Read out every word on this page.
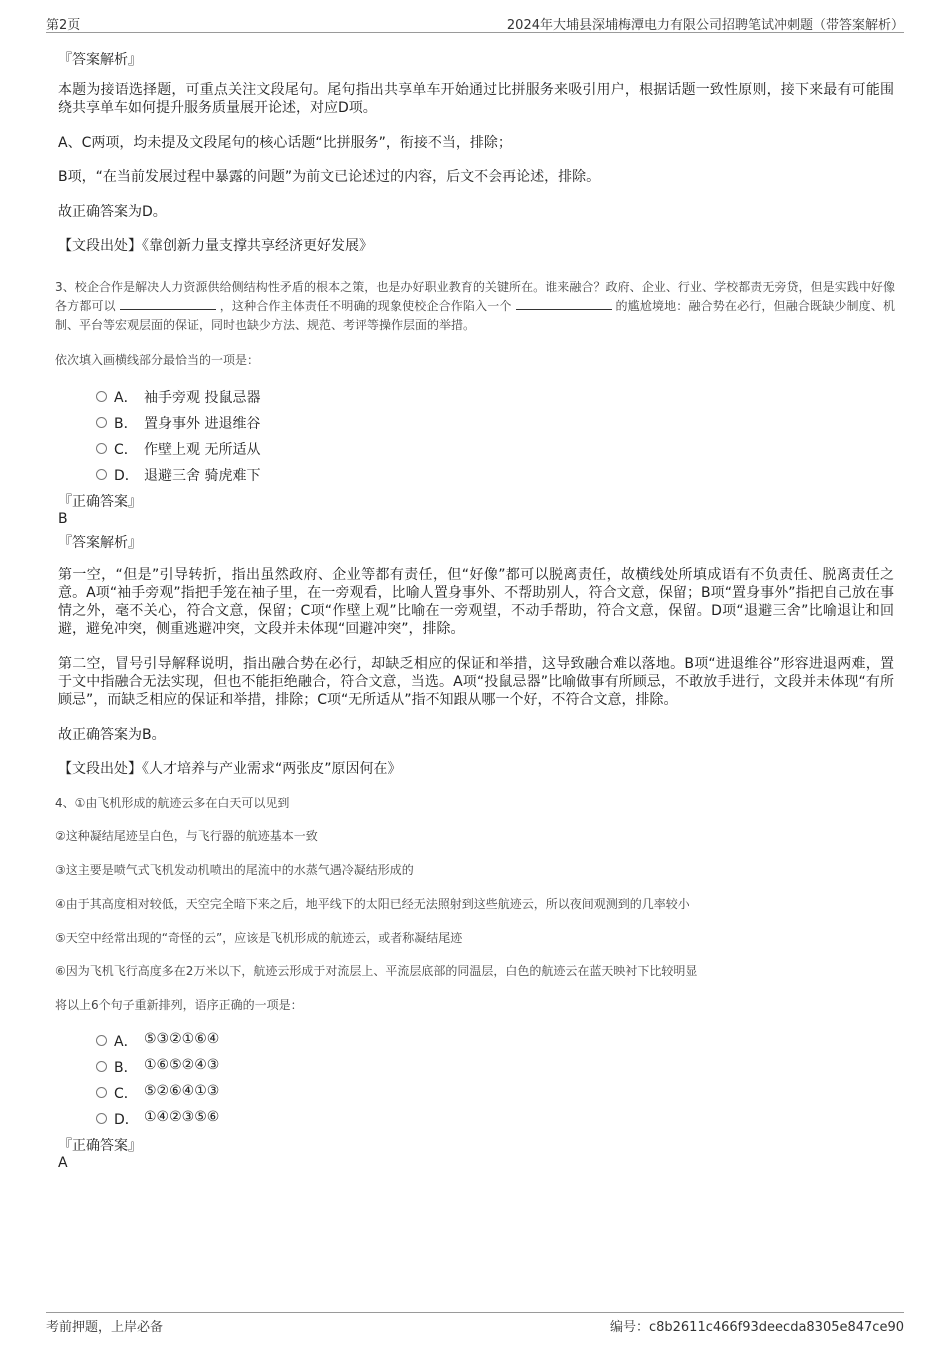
第2页	2024年大埔县深埔梅潭电力有限公司招聘笔试冲刺题（带答案解析）
『答案解析』
本题为接语选择题，可重点关注文段尾句。尾句指出共享单车开始通过比拼服务来吸引用户，根据话题一致性原则，接下来最有可能围绕共享单车如何提升服务质量展开论述，对应D项。
A、C两项，均未提及文段尾句的核心话题“比拼服务”，衔接不当，排除；
B项，“在当前发展过程中暴露的问题”为前文已论述过的内容，后文不会再论述，排除。
故正确答案为D。
【文段出处】《靠创新力量支撑共享经济更好发展》
3、校企合作是解决人力资源供给侧结构性矛盾的根本之策，也是办好职业教育的关键所在。谁来融合？政府、企业、行业、学校都责无旁贷，但是实践中好像各方都可以	，这种合作主体责任不明确的现象使校企合作陷入一个	的尴尬境地：融合势在必行，但融合既缺少制度、机制、平台等宏观层面的保证，同时也缺少方法、规范、考评等操作层面的举措。
依次填入画横线部分最恰当的一项是：
A． 袖手旁观 投鼠忌器
B． 置身事外 进退维谷
C． 作壁上观 无所适从
D． 退避三舍 骑虎难下
『正确答案』
B
『答案解析』
第一空，“但是”引导转折，指出虽然政府、企业等都有责任，但“好像”都可以脱离责任，故横线处所填成语有不负责任、脱离责任之意。A项“袖手旁观”指把手笼在袖子里，在一旁观看，比喻人置身事外、不帮助别人，符合文意，保留；B项“置身事外”指把自己放在事情之外，毫不关心，符合文意，保留；C项“作壁上观”比喻在一旁观望，不动手帮助，符合文意，保留。D项“退避三舍”比喻退让和回避，避免冲突，侧重逃避冲突，文段并未体现“回避冲突”，排除。
第二空，冒号引导解释说明，指出融合势在必行，却缺乏相应的保证和举措，这导致融合难以落地。B项“进退维谷”形容进退两难，置于文中指融合无法实现，但也不能拒绝融合，符合文意，当选。A项“投鼠忌器”比喻做事有所顾忌，不敢放手进行，文段并未体现“有所顾忌”，而缺乏相应的保证和举措，排除；C项“无所适从”指不知跟从哪一个好，不符合文意，排除。
故正确答案为B。
【文段出处】《人才培养与产业需求“两张皮”原因何在》
4、①由飞机形成的航迹云多在白天可以见到
②这种凝结尾迹呈白色，与飞行器的航迹基本一致
③这主要是喷气式飞机发动机喷出的尾流中的水蒸气遇冷凝结形成的
④由于其高度相对较低，天空完全暗下来之后，地平线下的太阳已经无法照射到这些航迹云，所以夜间观测到的几率较小
⑤天空中经常出现的“奇怪的云”，应该是飞机形成的航迹云，或者称凝结尾迹
⑥因为飞机飞行高度多在2万米以下，航迹云形成于对流层上、平流层底部的同温层，白色的航迹云在蓝天映衬下比较明显
将以上6个句子重新排列，语序正确的一项是：
A． ⑤③②①⑥④
B． ①⑥⑤②④③
C． ⑤②⑥④①③
D． ①④②③⑤⑥
『正确答案』
A
考前押题，上岸必备	编号：c8b2611c466f93deecda8305e847ce90
